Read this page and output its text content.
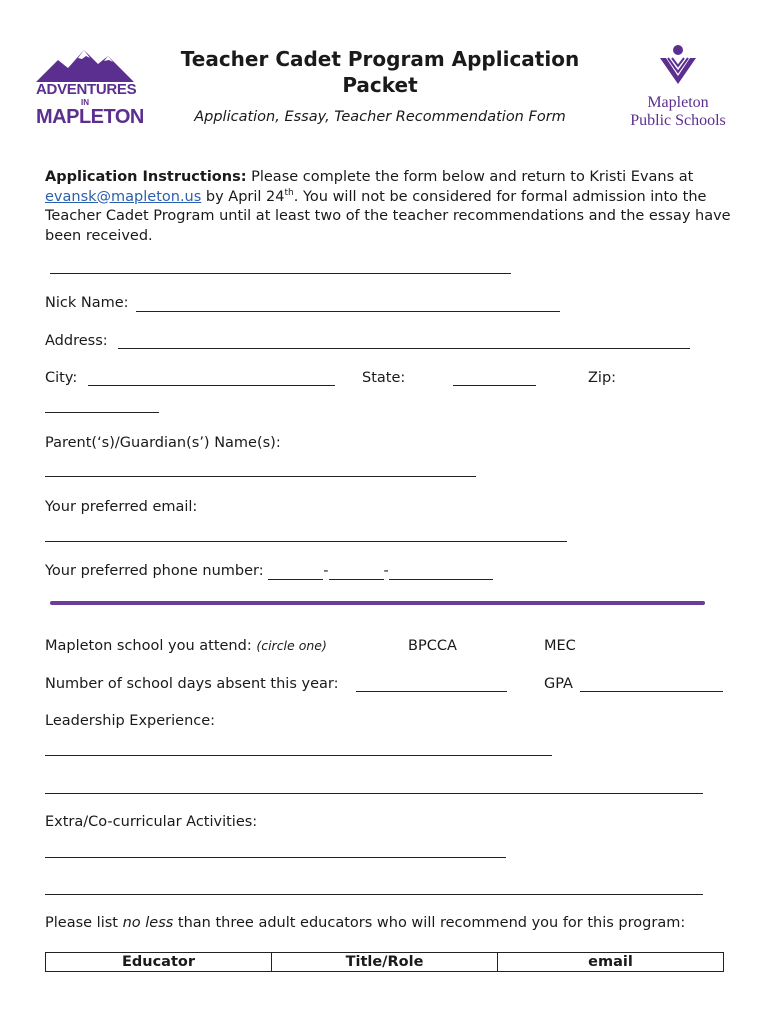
ADVENTURES
IN
MAPLETON
Teacher Cadet Program Application Packet
Application, Essay, Teacher Recommendation Form
Mapleton
Public Schools
Application Instructions: Please complete the form below and return to Kristi Evans at evansk@mapleton.us by April 24th. You will not be considered for formal admission into the Teacher Cadet Program until at least two of the teacher recommendations and the essay have been received.
Nick Name:
Address:
City:	State:	Zip:
Parent(‘s)/Guardian(s’) Name(s):
Your preferred email:
Your preferred phone number:	-	-
Mapleton school you attend: (circle one)	BPCCA	MEC
Number of school days absent this year:	GPA
Leadership Experience:
Extra/Co-curricular Activities:
Please list no less than three adult educators who will recommend you for this program:
Educator	Title/Role	email
